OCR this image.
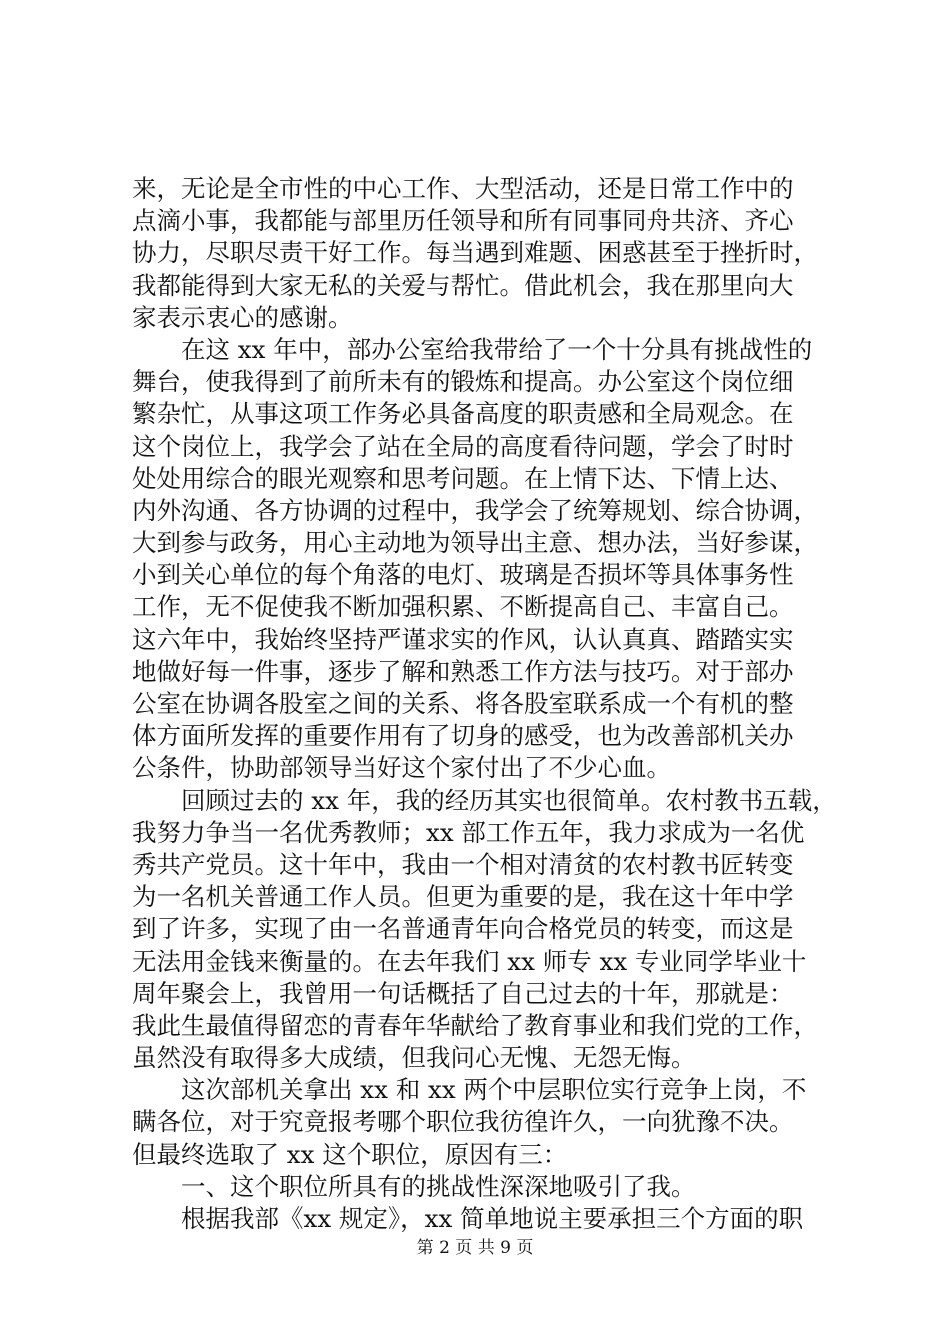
来，无论是全市性的中心工作、大型活动，还是日常工作中的
点滴小事，我都能与部里历任领导和所有同事同舟共济、齐心
协力，尽职尽责干好工作。每当遇到难题、困惑甚至于挫折时，
我都能得到大家无私的关爱与帮忙。借此机会，我在那里向大
家表示衷心的感谢。
在这 xx 年中，部办公室给我带给了一个十分具有挑战性的
舞台，使我得到了前所未有的锻炼和提高。办公室这个岗位细
繁杂忙，从事这项工作务必具备高度的职责感和全局观念。在
这个岗位上，我学会了站在全局的高度看待问题，学会了时时
处处用综合的眼光观察和思考问题。在上情下达、下情上达、
内外沟通、各方协调的过程中，我学会了统筹规划、综合协调，
大到参与政务，用心主动地为领导出主意、想办法，当好参谋，
小到关心单位的每个角落的电灯、玻璃是否损坏等具体事务性
工作，无不促使我不断加强积累、不断提高自己、丰富自己。
这六年中，我始终坚持严谨求实的作风，认认真真、踏踏实实
地做好每一件事，逐步了解和熟悉工作方法与技巧。对于部办
公室在协调各股室之间的关系、将各股室联系成一个有机的整
体方面所发挥的重要作用有了切身的感受，也为改善部机关办
公条件，协助部领导当好这个家付出了不少心血。
回顾过去的 xx 年，我的经历其实也很简单。农村教书五载，
我努力争当一名优秀教师；xx 部工作五年，我力求成为一名优
秀共产党员。这十年中，我由一个相对清贫的农村教书匠转变
为一名机关普通工作人员。但更为重要的是，我在这十年中学
到了许多，实现了由一名普通青年向合格党员的转变，而这是
无法用金钱来衡量的。在去年我们 xx 师专 xx 专业同学毕业十
周年聚会上，我曾用一句话概括了自己过去的十年，那就是：
我此生最值得留恋的青春年华献给了教育事业和我们党的工作，
虽然没有取得多大成绩，但我问心无愧、无怨无悔。
这次部机关拿出 xx 和 xx 两个中层职位实行竞争上岗，不
瞒各位，对于究竟报考哪个职位我彷徨许久，一向犹豫不决。
但最终选取了 xx 这个职位，原因有三：
一、这个职位所具有的挑战性深深地吸引了我。
根据我部《xx 规定》，xx 简单地说主要承担三个方面的职
第 2 页 共 9 页
